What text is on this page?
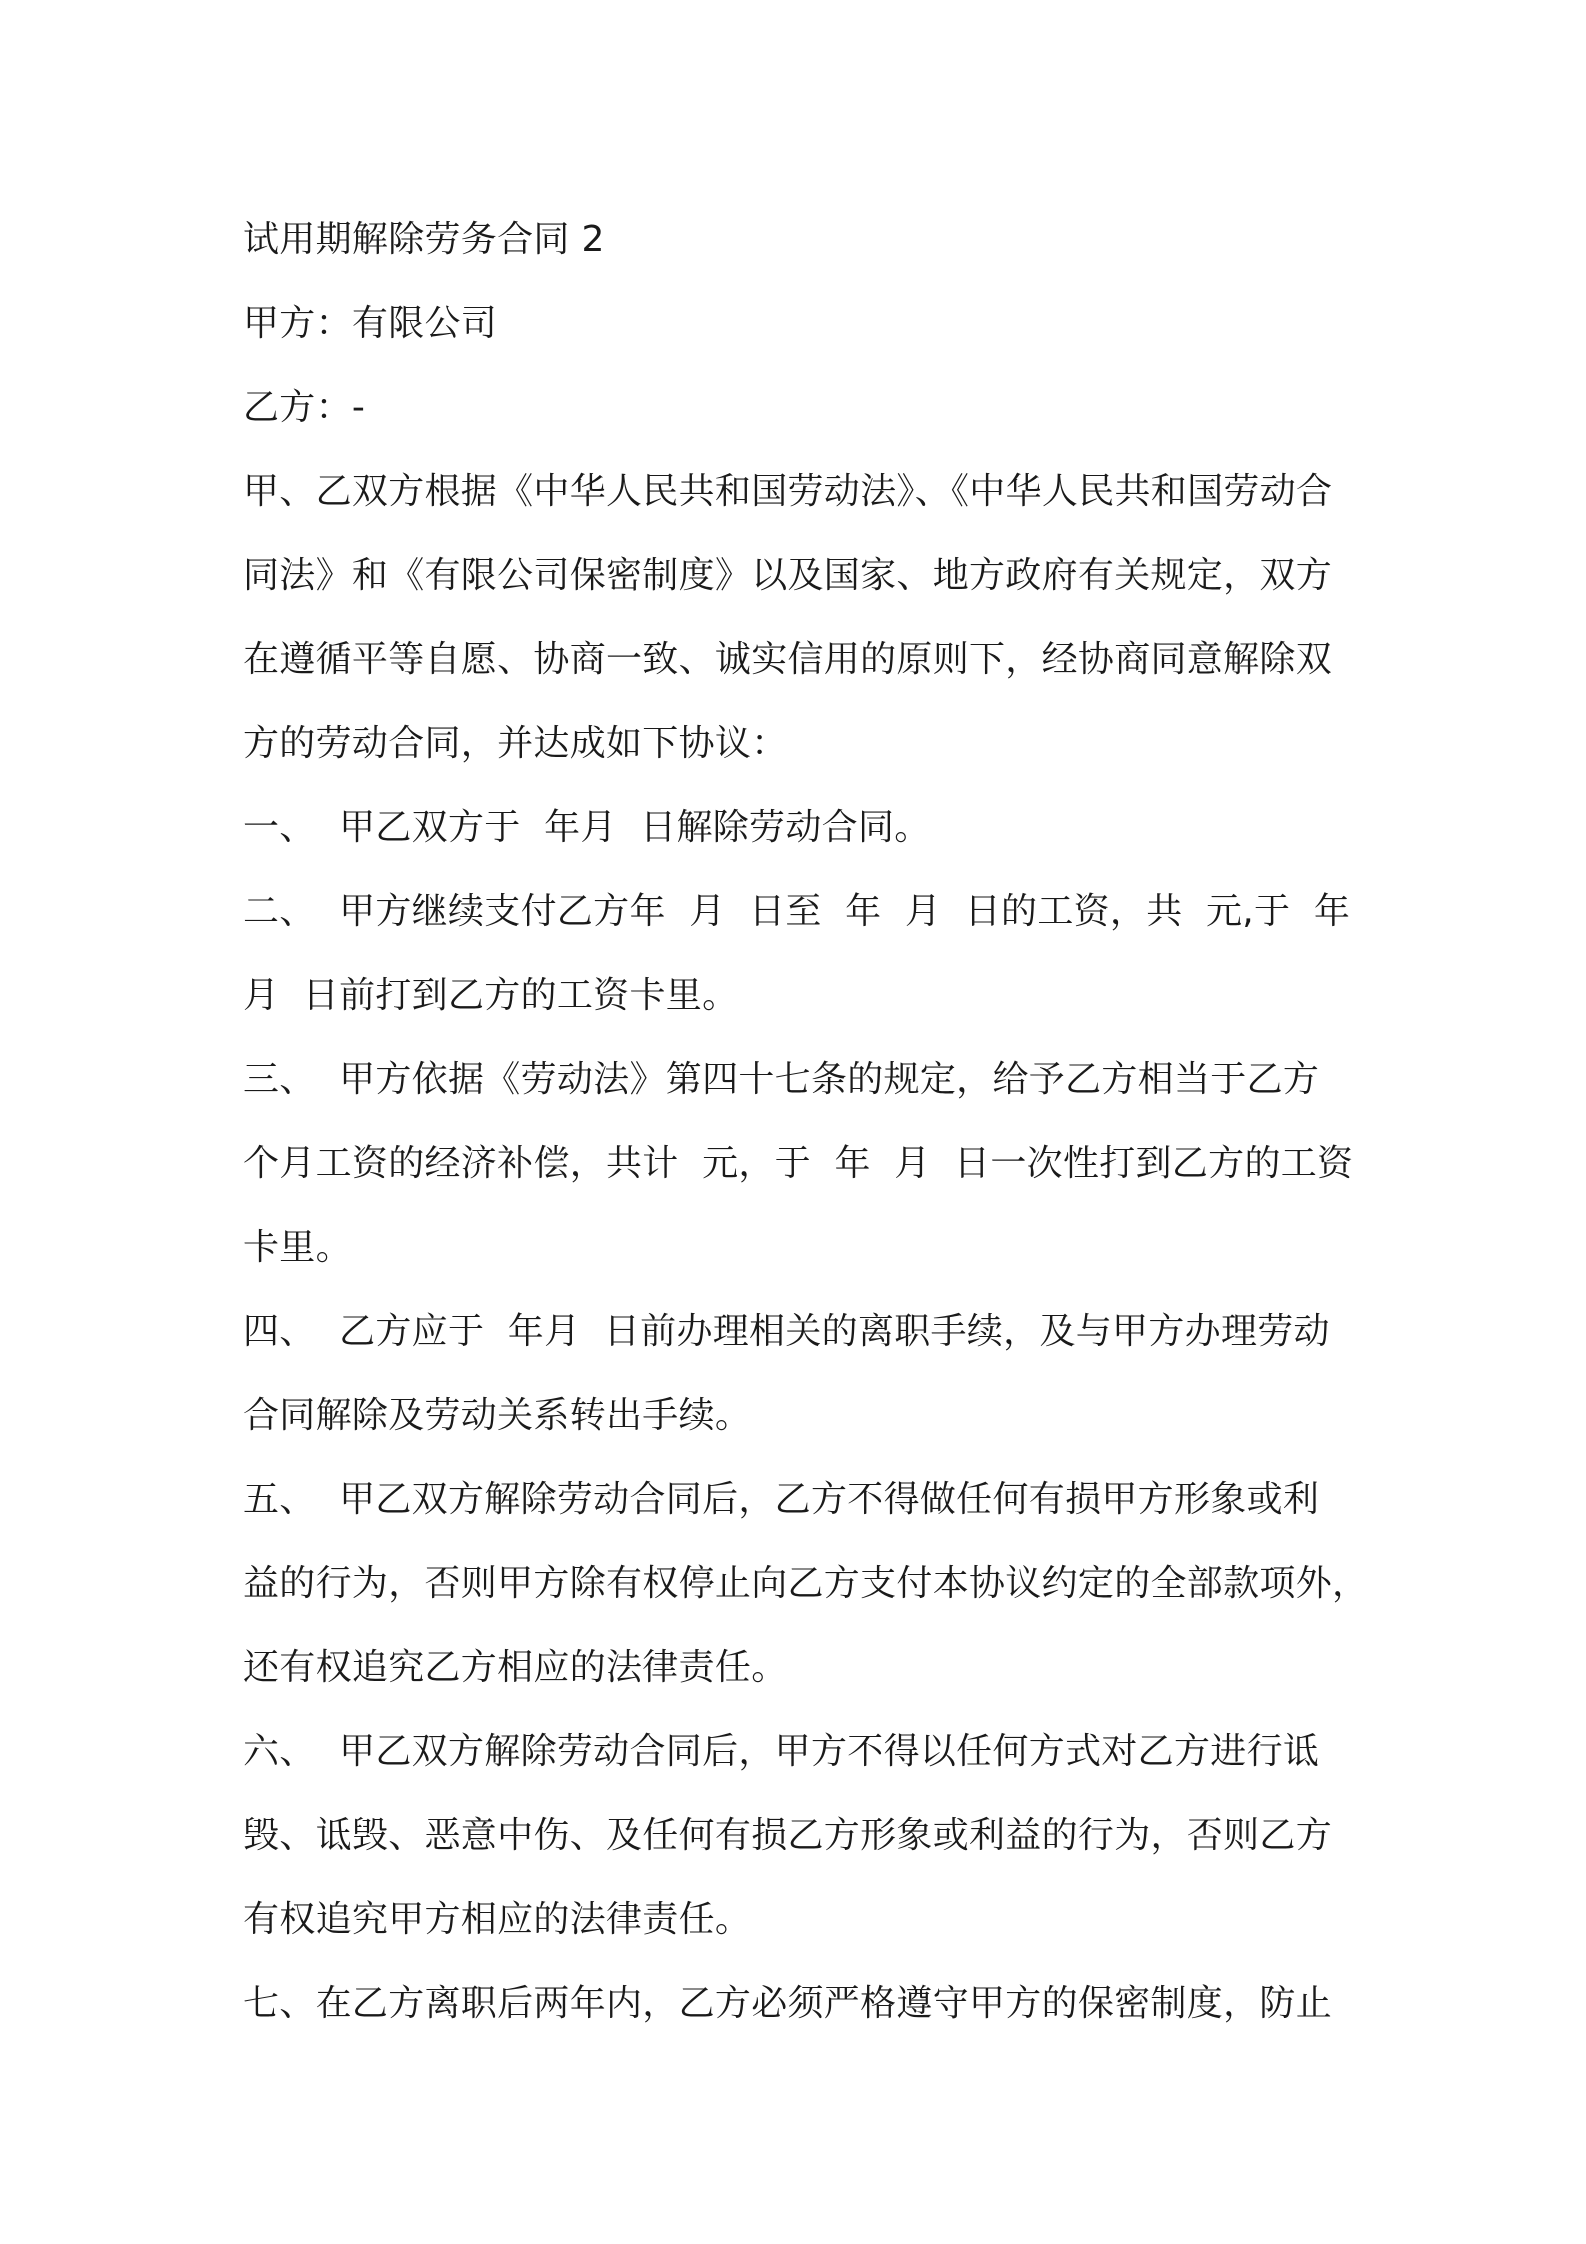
试用期解除劳务合同 2
甲方：有限公司
乙方：-
甲、乙双方根据《中华人民共和国劳动法》、《中华人民共和国劳动合
同法》和《有限公司保密制度》以及国家、地方政府有关规定，双方
在遵循平等自愿、协商一致、诚实信用的原则下，经协商同意解除双
方的劳动合同，并达成如下协议：
一、  甲乙双方于  年月  日解除劳动合同。
二、  甲方继续支付乙方年  月  日至  年  月  日的工资，共  元,于  年
月  日前打到乙方的工资卡里。
三、  甲方依据《劳动法》第四十七条的规定，给予乙方相当于乙方
个月工资的经济补偿，共计  元，于  年  月  日一次性打到乙方的工资
卡里。
四、  乙方应于  年月  日前办理相关的离职手续，及与甲方办理劳动
合同解除及劳动关系转出手续。
五、  甲乙双方解除劳动合同后，乙方不得做任何有损甲方形象或利
益的行为，否则甲方除有权停止向乙方支付本协议约定的全部款项外，
还有权追究乙方相应的法律责任。
六、  甲乙双方解除劳动合同后，甲方不得以任何方式对乙方进行诋
毁、诋毁、恶意中伤、及任何有损乙方形象或利益的行为，否则乙方
有权追究甲方相应的法律责任。
七、在乙方离职后两年内，乙方必须严格遵守甲方的保密制度，防止
